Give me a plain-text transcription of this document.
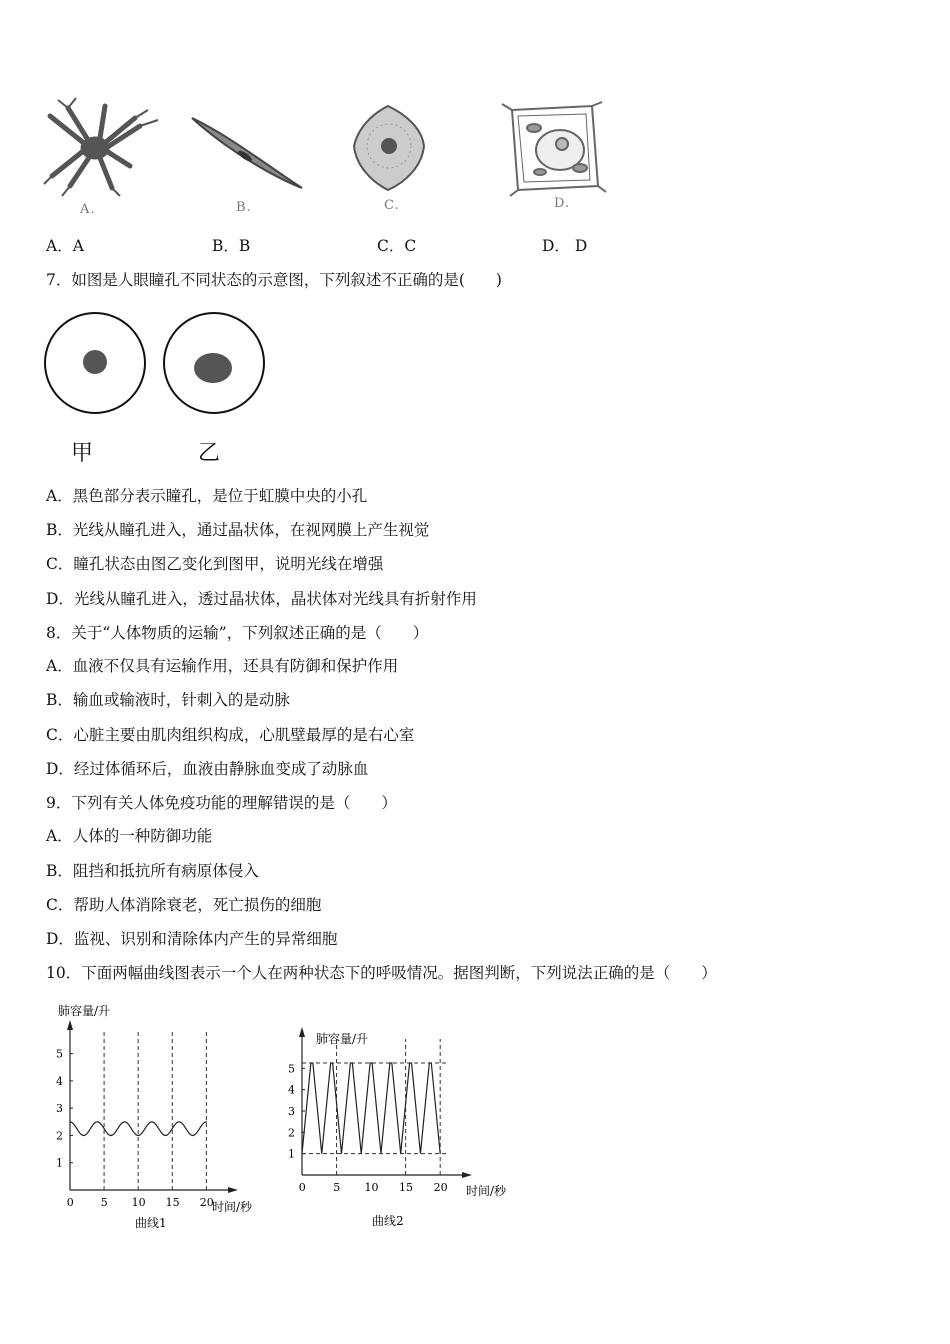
A.	B.	C.	D.
A．A	B．B	C．C	D． D
7．如图是人眼瞳孔不同状态的示意图，下列叙述不正确的是(　　)
甲	乙
A．黑色部分表示瞳孔，是位于虹膜中央的小孔
B．光线从瞳孔进入，通过晶状体，在视网膜上产生视觉
C．瞳孔状态由图乙变化到图甲，说明光线在增强
D．光线从瞳孔进入，透过晶状体，晶状体对光线具有折射作用
8．关于“人体物质的运输”，下列叙述正确的是（　　）
A．血液不仅具有运输作用，还具有防御和保护作用
B．输血或输液时，针刺入的是动脉
C．心脏主要由肌肉组织构成，心肌壁最厚的是右心室
D．经过体循环后，血液由静脉血变成了动脉血
9．下列有关人体免疫功能的理解错误的是（　　）
A．人体的一种防御功能
B．阻挡和抵抗所有病原体侵入
C．帮助人体消除衰老，死亡损伤的细胞
D．监视、识别和清除体内产生的异常细胞
10．下面两幅曲线图表示一个人在两种状态下的呼吸情况。据图判断，下列说法正确的是（　　）
肺容量/升
时间/秒
曲线1
0 5 10 15 20
1
2
3
4
5
肺容量/升
时间/秒
曲线2
0	5 10 15 20
1
2
3
4
5
